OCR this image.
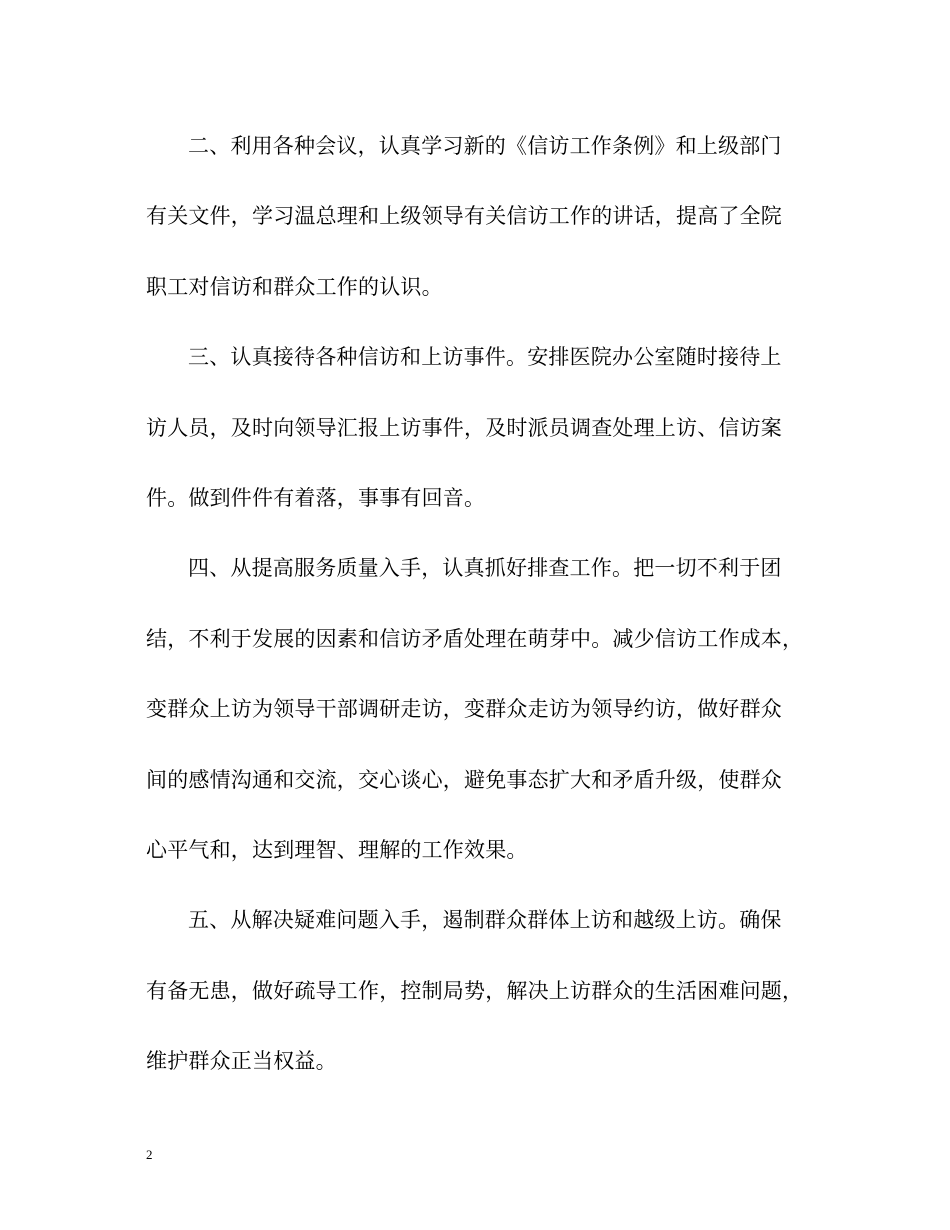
二、利用各种会议，认真学习新的《信访工作条例》和上级部门
有关文件，学习温总理和上级领导有关信访工作的讲话，提高了全院
职工对信访和群众工作的认识。
三、认真接待各种信访和上访事件。安排医院办公室随时接待上
访人员，及时向领导汇报上访事件，及时派员调查处理上访、信访案
件。做到件件有着落，事事有回音。
四、从提高服务质量入手，认真抓好排查工作。把一切不利于团
结，不利于发展的因素和信访矛盾处理在萌芽中。减少信访工作成本，
变群众上访为领导干部调研走访，变群众走访为领导约访，做好群众
间的感情沟通和交流，交心谈心，避免事态扩大和矛盾升级，使群众
心平气和，达到理智、理解的工作效果。
五、从解决疑难问题入手，遏制群众群体上访和越级上访。确保
有备无患，做好疏导工作，控制局势，解决上访群众的生活困难问题，
维护群众正当权益。
2
